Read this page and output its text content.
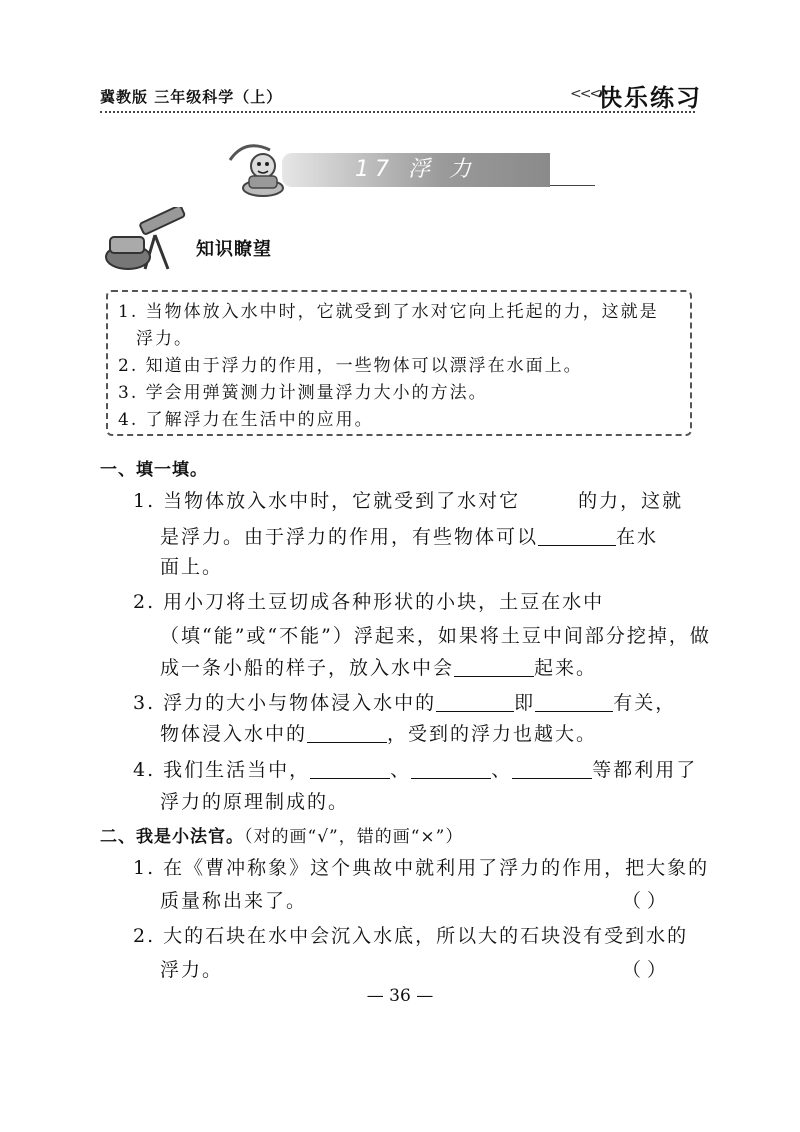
冀教版 三年级科学（上）	<<<
快乐练习
17 浮 力
知识瞭望
1. 当物体放入水中时，它就受到了水对它向上托起的力，这就是
浮力。
2. 知道由于浮力的作用，一些物体可以漂浮在水面上。
3. 学会用弹簧测力计测量浮力大小的方法。
4. 了解浮力在生活中的应用。
一、填一填。
1. 当物体放入水中时，它就受到了水对它	的力，这就
是浮力。由于浮力的作用，有些物体可以	在水
面上。
2. 用小刀将土豆切成各种形状的小块，土豆在水中
（填“能”或“不能”）浮起来，如果将土豆中间部分挖掉，做
成一条小船的样子，放入水中会	起来。
3. 浮力的大小与物体浸入水中的	即	有关，
物体浸入水中的	，受到的浮力也越大。
4. 我们生活当中，	、	、	等都利用了
浮力的原理制成的。
二、我是小法官。（对的画“√”，错的画“×”）
1. 在《曹冲称象》这个典故中就利用了浮力的作用，把大象的
质量称出来了。	（ ）
2. 大的石块在水中会沉入水底，所以大的石块没有受到水的
浮力。	（ ）
— 36 —
